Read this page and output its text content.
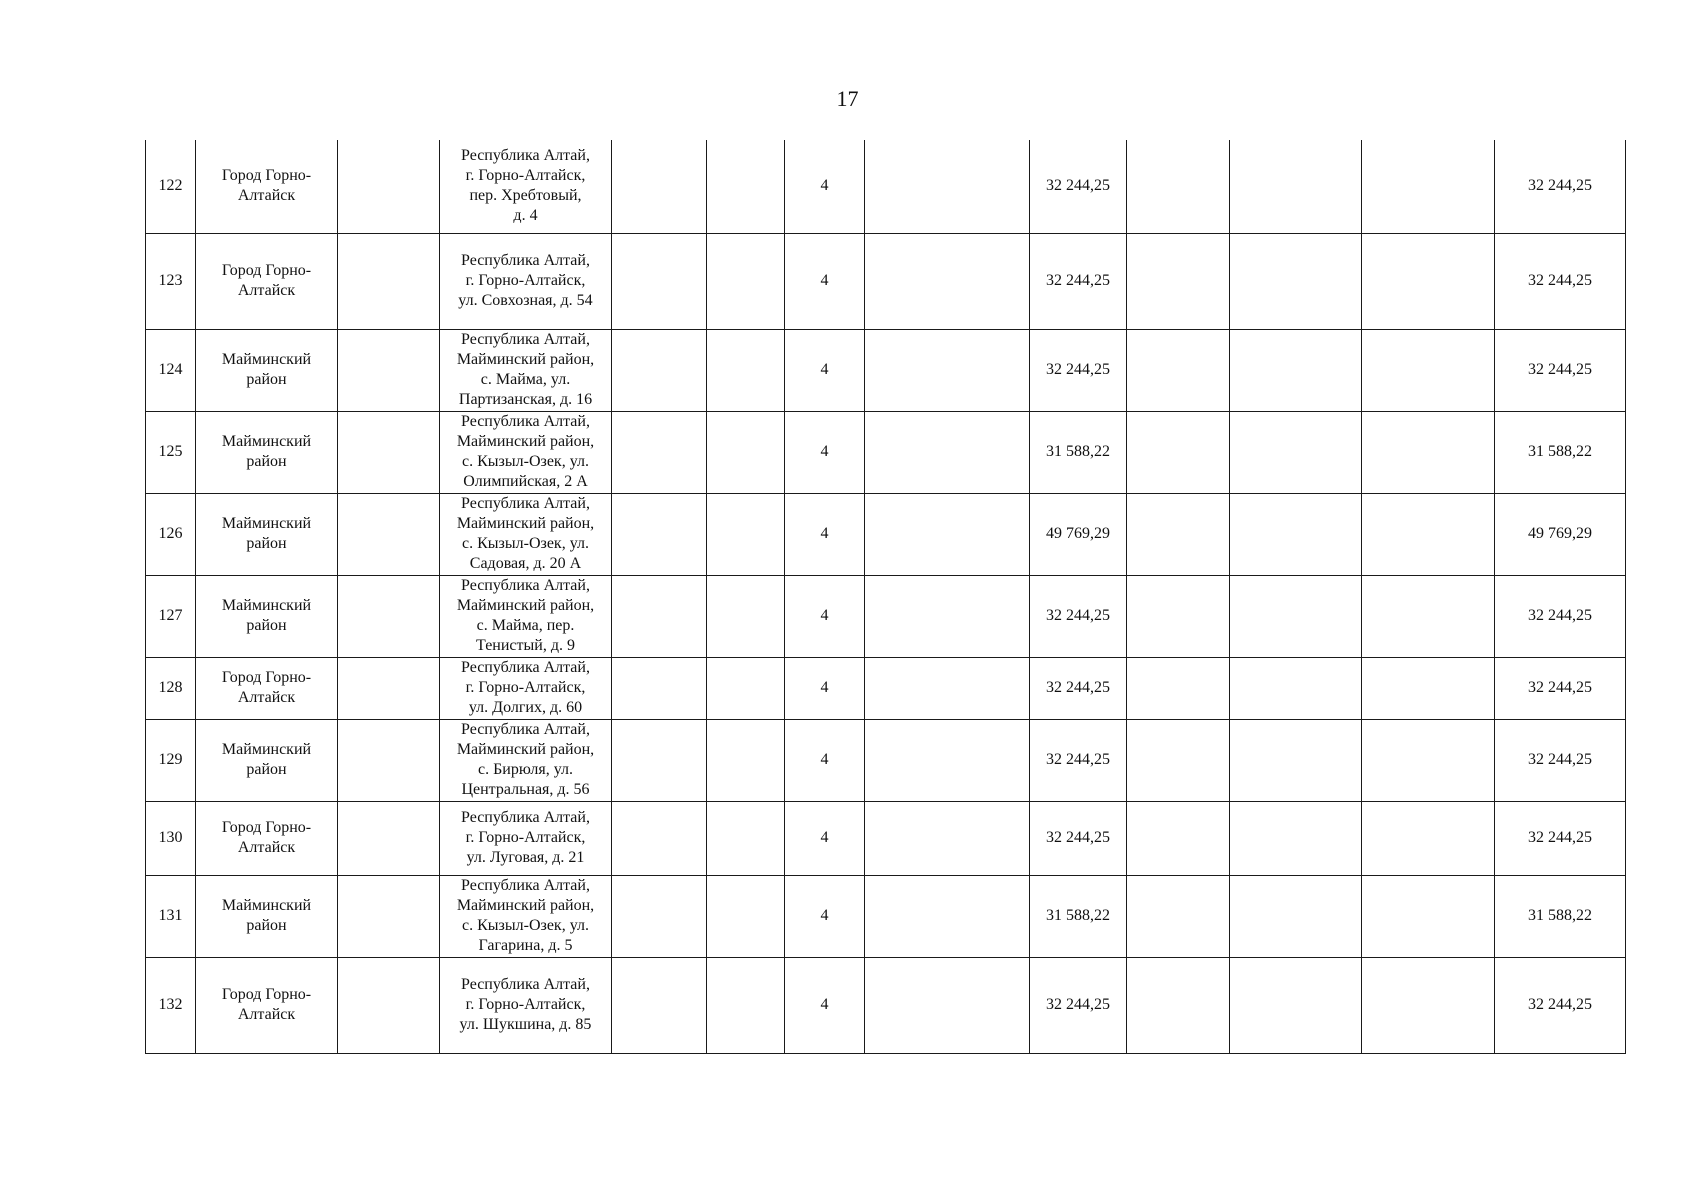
17
122	Город Горно-
Алтайск		Республика Алтай,
г. Горно-Алтайск,
пер. Хребтовый,
д. 4			4		32 244,25				32 244,25
123	Город Горно-
Алтайск		Республика Алтай,
г. Горно-Алтайск,
ул. Совхозная, д. 54			4		32 244,25				32 244,25
124	Майминский
район		Республика Алтай,
Майминский район,
с. Майма, ул.
Партизанская, д. 16			4		32 244,25				32 244,25
125	Майминский
район		Республика Алтай,
Майминский район,
с. Кызыл-Озек, ул.
Олимпийская, 2 А			4		31 588,22				31 588,22
126	Майминский
район		Республика Алтай,
Майминский район,
с. Кызыл-Озек, ул.
Садовая, д. 20 А			4		49 769,29				49 769,29
127	Майминский
район		Республика Алтай,
Майминский район,
с. Майма, пер.
Тенистый, д. 9			4		32 244,25				32 244,25
128	Город Горно-
Алтайск		Республика Алтай,
г. Горно-Алтайск,
ул. Долгих, д. 60			4		32 244,25				32 244,25
129	Майминский
район		Республика Алтай,
Майминский район,
с. Бирюля, ул.
Центральная, д. 56			4		32 244,25				32 244,25
130	Город Горно-
Алтайск		Республика Алтай,
г. Горно-Алтайск,
ул. Луговая, д. 21			4		32 244,25				32 244,25
131	Майминский
район		Республика Алтай,
Майминский район,
с. Кызыл-Озек, ул.
Гагарина, д. 5			4		31 588,22				31 588,22
132	Город Горно-
Алтайск		Республика Алтай,
г. Горно-Алтайск,
ул. Шукшина, д. 85			4		32 244,25				32 244,25
